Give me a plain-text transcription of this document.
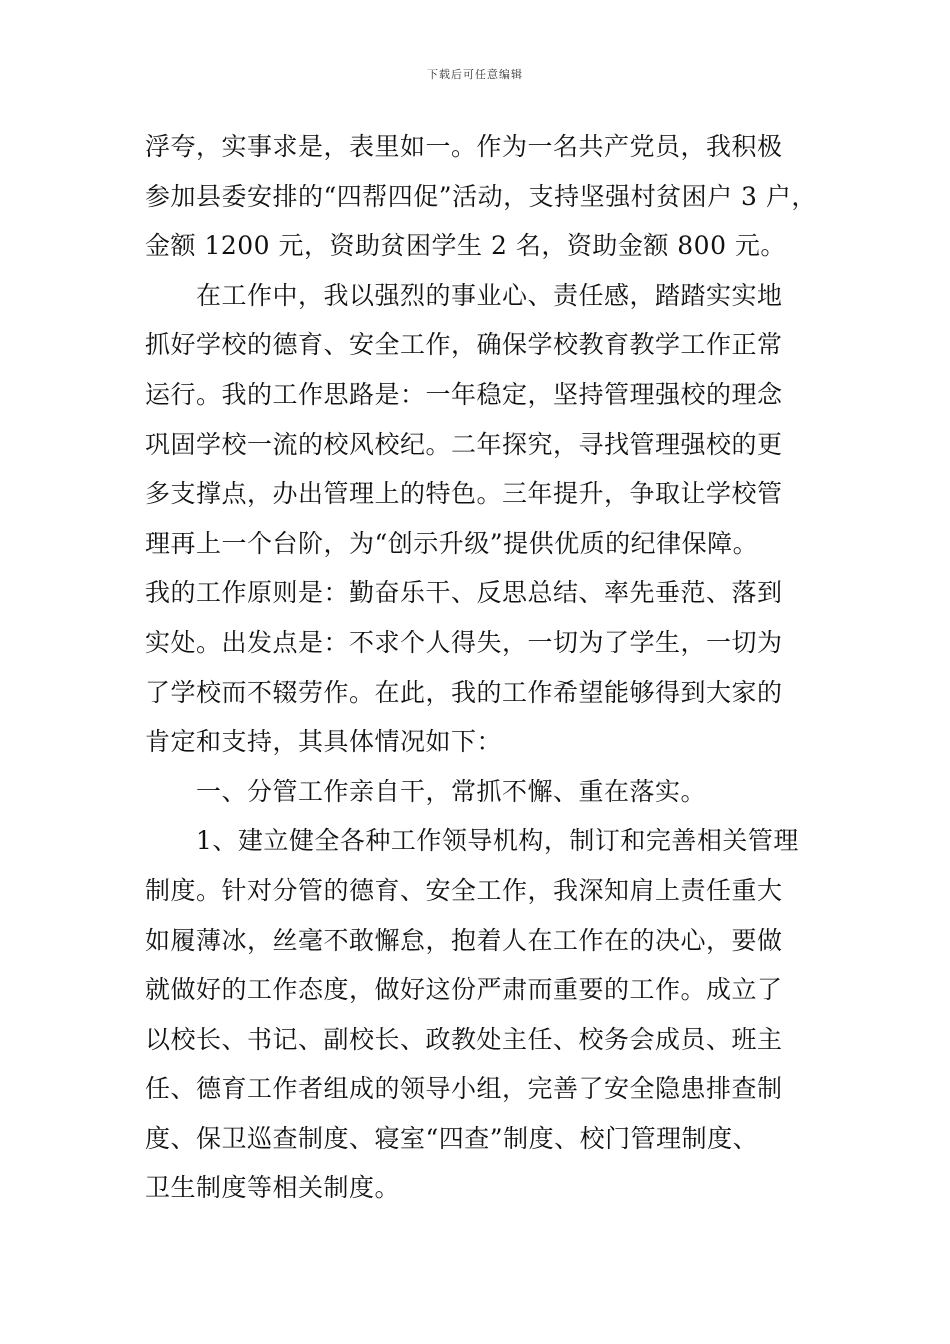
下载后可任意编辑

浮夸，实事求是，表里如一。作为一名共产党员，我积极

参加县委安排的“四帮四促”活动，支持坚强村贫困户 3 户，

金额 1200 元，资助贫困学生 2 名，资助金额 800 元。

在工作中，我以强烈的事业心、责任感，踏踏实实地

抓好学校的德育、安全工作，确保学校教育教学工作正常

运行。我的工作思路是：一年稳定，坚持管理强校的理念

巩固学校一流的校风校纪。二年探究，寻找管理强校的更

多支撑点，办出管理上的特色。三年提升，争取让学校管

理再上一个台阶，为“创示升级”提供优质的纪律保障。

我的工作原则是：勤奋乐干、反思总结、率先垂范、落到

实处。出发点是：不求个人得失，一切为了学生，一切为

了学校而不辍劳作。在此，我的工作希望能够得到大家的

肯定和支持，其具体情况如下：

一、分管工作亲自干，常抓不懈、重在落实。

1、建立健全各种工作领导机构，制订和完善相关管理

制度。针对分管的德育、安全工作，我深知肩上责任重大

如履薄冰，丝毫不敢懈怠，抱着人在工作在的决心，要做

就做好的工作态度，做好这份严肃而重要的工作。成立了

以校长、书记、副校长、政教处主任、校务会成员、班主

任、德育工作者组成的领导小组，完善了安全隐患排查制

度、保卫巡查制度、寝室“四查”制度、校门管理制度、

卫生制度等相关制度。
